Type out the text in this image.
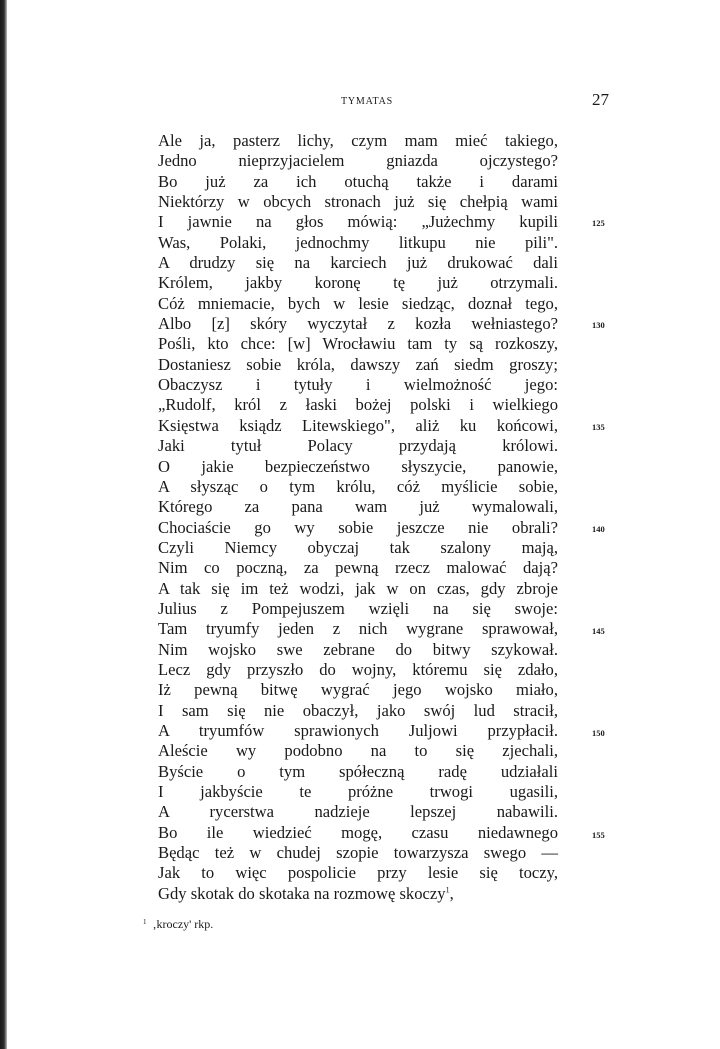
TYMATAS	27
Ale ja, pasterz lichy, czym mam mieć takiego,
Jedno nieprzyjacielem gniazda ojczystego?
Bo już za ich otuchą także i darami
Niektórzy w obcych stronach już się chełpią wami
I jawnie na głos mówią: „Jużechmy kupili
Was, Polaki, jednochmy litkupu nie pili".
A drudzy się na karciech już drukować dali
Królem, jakby koronę tę już otrzymali.
Cóż mniemacie, bych w lesie siedząc, doznał tego,
Albo [z] skóry wyczytał z kozła wełniastego?
Pośli, kto chce: [w] Wrocławiu tam ty są rozkoszy,
Dostaniesz sobie króla, dawszy zań siedm groszy;
Obaczysz i tytuły i wielmożność jego:
„Rudolf, król z łaski bożej polski i wielkiego
Księstwa ksiądz Litewskiego", aliż ku końcowi,
Jaki tytuł Polacy przydają królowi.
O jakie bezpieczeństwo słyszycie, panowie,
A słysząc o tym królu, cóż myślicie sobie,
Którego za pana wam już wymalowali,
Chociaście go wy sobie jeszcze nie obrali?
Czyli Niemcy obyczaj tak szalony mają,
Nim co poczną, za pewną rzecz malować dają?
A tak się im też wodzi, jak w on czas, gdy zbroje
Julius z Pompejuszem wzięli na się swoje:
Tam tryumfy jeden z nich wygrane sprawował,
Nim wojsko swe zebrane do bitwy szykował.
Lecz gdy przyszło do wojny, któremu się zdało,
Iż pewną bitwę wygrać jego wojsko miało,
I sam się nie obaczył, jako swój lud stracił,
A tryumfów sprawionych Juljowi przypłacił.
Aleście wy podobno na to się zjechali,
Byście o tym spółeczną radę udziałali
I jakbyście te próżne trwogi ugasili,
A rycerstwa nadzieje lepszej nabawili.
Bo ile wiedzieć mogę, czasu niedawnego
Będąc też w chudej szopie towarzysza swego —
Jak to więc pospolicie przy lesie się toczy,
Gdy skotak do skotaka na rozmowę skoczy$^1$,
125
130
135
140
145
150
155
$^1$ ‚kroczy' rkp.
